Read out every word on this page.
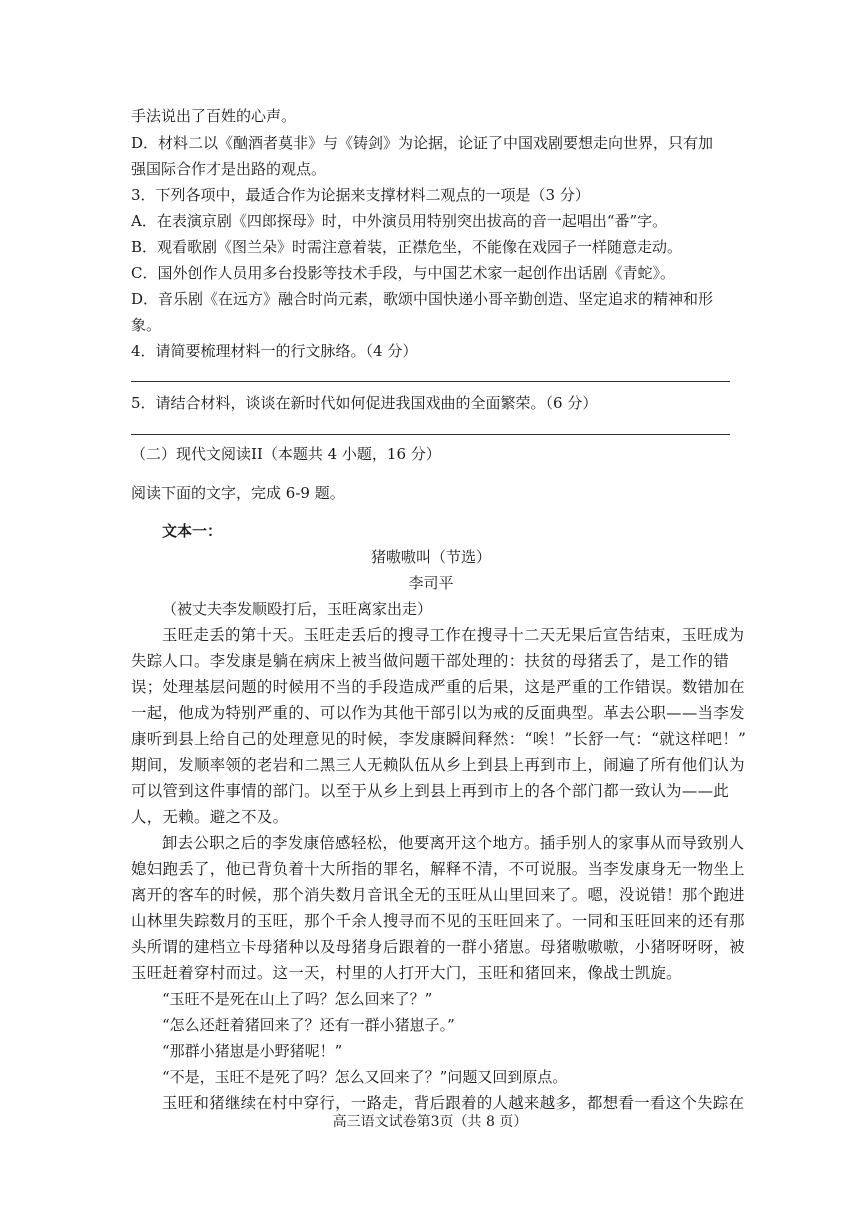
手法说出了百姓的心声。
D．材料二以《酗酒者莫非》与《铸剑》为论据，论证了中国戏剧要想走向世界，只有加
强国际合作才是出路的观点。
3．下列各项中，最适合作为论据来支撑材料二观点的一项是（3 分）
A．在表演京剧《四郎探母》时，中外演员用特别突出拔高的音一起唱出“番”字。
B．观看歌剧《图兰朵》时需注意着装，正襟危坐，不能像在戏园子一样随意走动。
C．国外创作人员用多台投影等技术手段，与中国艺术家一起创作出话剧《青蛇》。
D．音乐剧《在远方》融合时尚元素，歌颂中国快递小哥辛勤创造、坚定追求的精神和形
象。
4．请简要梳理材料一的行文脉络。（4 分）
5．请结合材料，谈谈在新时代如何促进我国戏曲的全面繁荣。（6 分）
（二）现代文阅读II（本题共 4 小题，16 分）
阅读下面的文字，完成 6-9 题。
文本一：
猪嗷嗷叫（节选）
李司平
（被丈夫李发顺殴打后，玉旺离家出走）
玉旺走丢的第十天。玉旺走丢后的搜寻工作在搜寻十二天无果后宣告结束，玉旺成为
失踪人口。李发康是躺在病床上被当做问题干部处理的：扶贫的母猪丢了，是工作的错
误；处理基层问题的时候用不当的手段造成严重的后果，这是严重的工作错误。数错加在
一起，他成为特别严重的、可以作为其他干部引以为戒的反面典型。革去公职——当李发
康听到县上给自己的处理意见的时候，李发康瞬间释然：“唉！”长舒一气：“就这样吧！”
期间，发顺率领的老岩和二黑三人无赖队伍从乡上到县上再到市上，闹遍了所有他们认为
可以管到这件事情的部门。以至于从乡上到县上再到市上的各个部门都一致认为——此
人，无赖。避之不及。
卸去公职之后的李发康倍感轻松，他要离开这个地方。插手别人的家事从而导致别人
媳妇跑丢了，他已背负着十大所指的罪名，解释不清，不可说服。当李发康身无一物坐上
离开的客车的时候，那个消失数月音讯全无的玉旺从山里回来了。嗯，没说错！那个跑进
山林里失踪数月的玉旺，那个千余人搜寻而不见的玉旺回来了。一同和玉旺回来的还有那
头所谓的建档立卡母猪种以及母猪身后跟着的一群小猪崽。母猪嗷嗷嗷，小猪呀呀呀，被
玉旺赶着穿村而过。这一天，村里的人打开大门，玉旺和猪回来，像战士凯旋。
“玉旺不是死在山上了吗？怎么回来了？”
“怎么还赶着猪回来了？还有一群小猪崽子。”
“那群小猪崽是小野猪呢！”
“不是，玉旺不是死了吗？怎么又回来了？”问题又回到原点。
玉旺和猪继续在村中穿行，一路走，背后跟着的人越来越多，都想看一看这个失踪在
高三语文试卷第3页（共 8 页）
